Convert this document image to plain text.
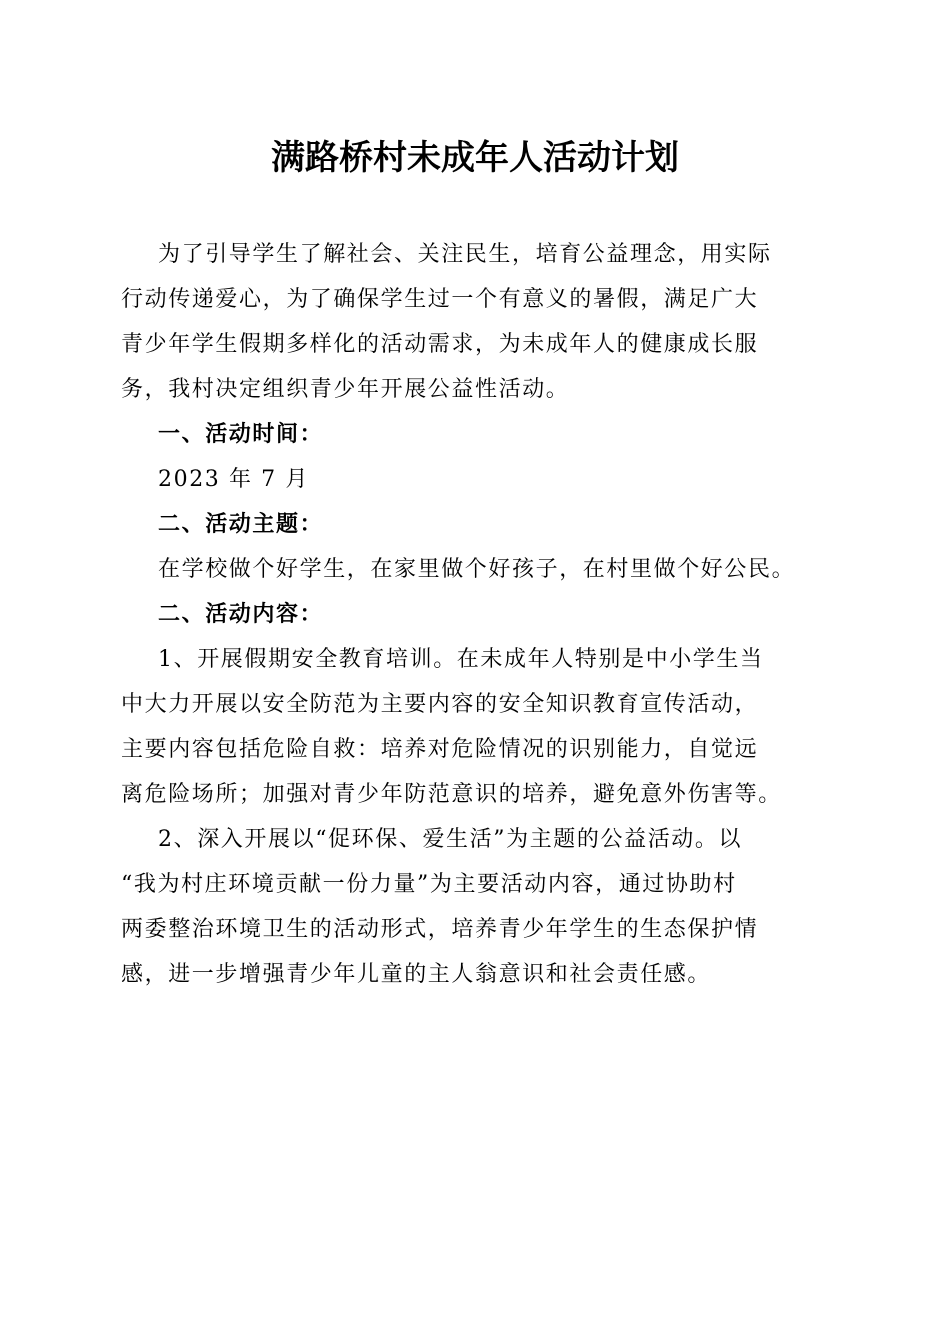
满路桥村未成年人活动计划
为了引导学生了解社会、关注民生，培育公益理念，用实际
行动传递爱心，为了确保学生过一个有意义的暑假，满足广大
青少年学生假期多样化的活动需求，为未成年人的健康成长服
务，我村决定组织青少年开展公益性活动。

一、活动时间：

2023 年 7 月

二、活动主题：

在学校做个好学生，在家里做个好孩子，在村里做个好公民。

二、活动内容：

1、开展假期安全教育培训。在未成年人特别是中小学生当
中大力开展以安全防范为主要内容的安全知识教育宣传活动，
主要内容包括危险自救：培养对危险情况的识别能力，自觉远
离危险场所；加强对青少年防范意识的培养，避免意外伤害等。
2、深入开展以“促环保、爱生活”为主题的公益活动。以
“我为村庄环境贡献一份力量”为主要活动内容，通过协助村
两委整治环境卫生的活动形式，培养青少年学生的生态保护情
感，进一步增强青少年儿童的主人翁意识和社会责任感。
